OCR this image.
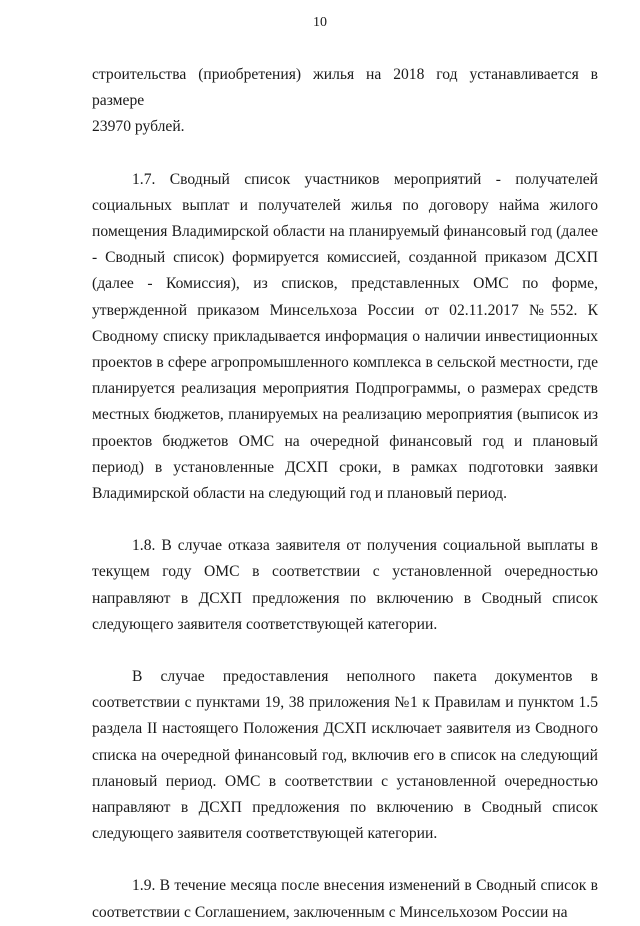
10

строительства (приобретения) жилья на 2018 год устанавливается в размере
23970 рублей.

1.7. Сводный список участников мероприятий - получателей социальных выплат и получателей жилья по договору найма жилого помещения Владимирской области на планируемый финансовый год (далее - Сводный список) формируется комиссией, созданной приказом ДСХП (далее - Комиссия), из списков, представленных ОМС по форме, утвержденной приказом Минсельхоза России от 02.11.2017 №552. К Сводному списку прикладывается информация о наличии инвестиционных проектов в сфере агропромышленного комплекса в сельской местности, где планируется реализация мероприятия Подпрограммы, о размерах средств местных бюджетов, планируемых на реализацию мероприятия (выписок из проектов бюджетов ОМС на очередной финансовый год и плановый период) в установленные ДСХП сроки, в рамках подготовки заявки Владимирской области на следующий год и плановый период.

1.8. В случае отказа заявителя от получения социальной выплаты в текущем году ОМС в соответствии с установленной очередностью направляют в ДСХП предложения по включению в Сводный список следующего заявителя соответствующей категории.

В случае предоставления неполного пакета документов в соответствии с пунктами 19, 38 приложения №1 к Правилам и пунктом 1.5 раздела II настоящего Положения ДСХП исключает заявителя из Сводного списка на очередной финансовый год, включив его в список на следующий плановый период. ОМС в соответствии с установленной очередностью направляют в ДСХП предложения по включению в Сводный список следующего заявителя соответствующей категории.

1.9. В течение месяца после внесения изменений в Сводный список в соответствии с Соглашением, заключенным с Минсельхозом России на
